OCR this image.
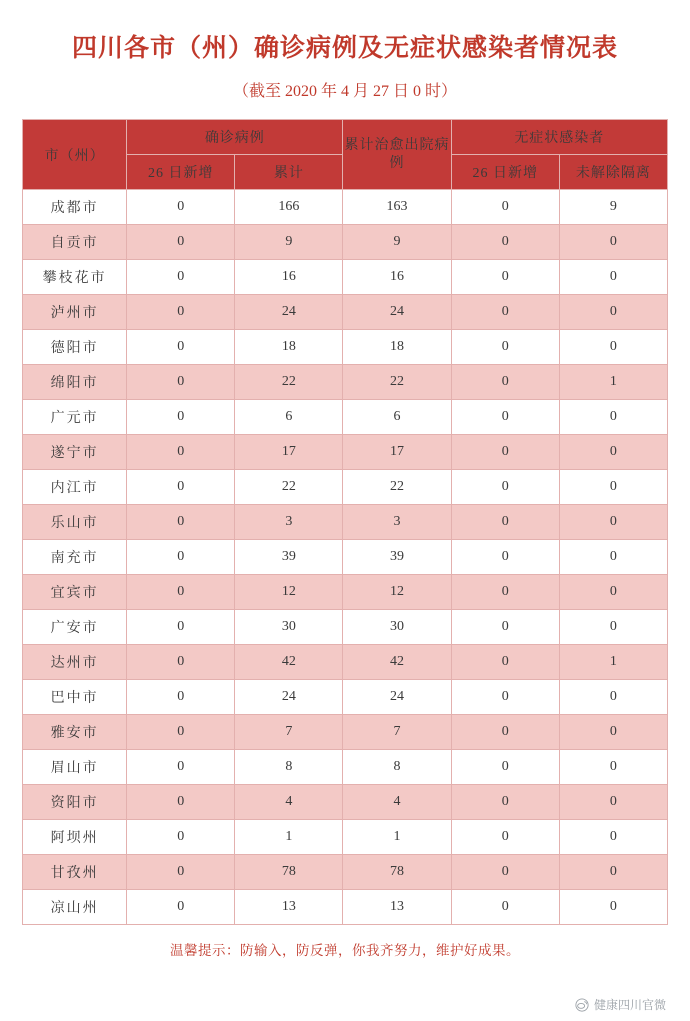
四川各市（州）确诊病例及无症状感染者情况表
（截至 2020 年 4 月 27 日 0 时）
市（州）	确诊病例		累计治愈出院病例	无症状感染者	
	26 日新增	累计		26 日新增	未解除隔离
成都市	0	166	163	0	9
自贡市	0	9	9	0	0
攀枝花市	0	16	16	0	0
泸州市	0	24	24	0	0
德阳市	0	18	18	0	0
绵阳市	0	22	22	0	1
广元市	0	6	6	0	0
遂宁市	0	17	17	0	0
内江市	0	22	22	0	0
乐山市	0	3	3	0	0
南充市	0	39	39	0	0
宜宾市	0	12	12	0	0
广安市	0	30	30	0	0
达州市	0	42	42	0	1
巴中市	0	24	24	0	0
雅安市	0	7	7	0	0
眉山市	0	8	8	0	0
资阳市	0	4	4	0	0
阿坝州	0	1	1	0	0
甘孜州	0	78	78	0	0
凉山州	0	13	13	0	0
温馨提示：防输入，防反弹，你我齐努力，维护好成果。
健康四川官微
